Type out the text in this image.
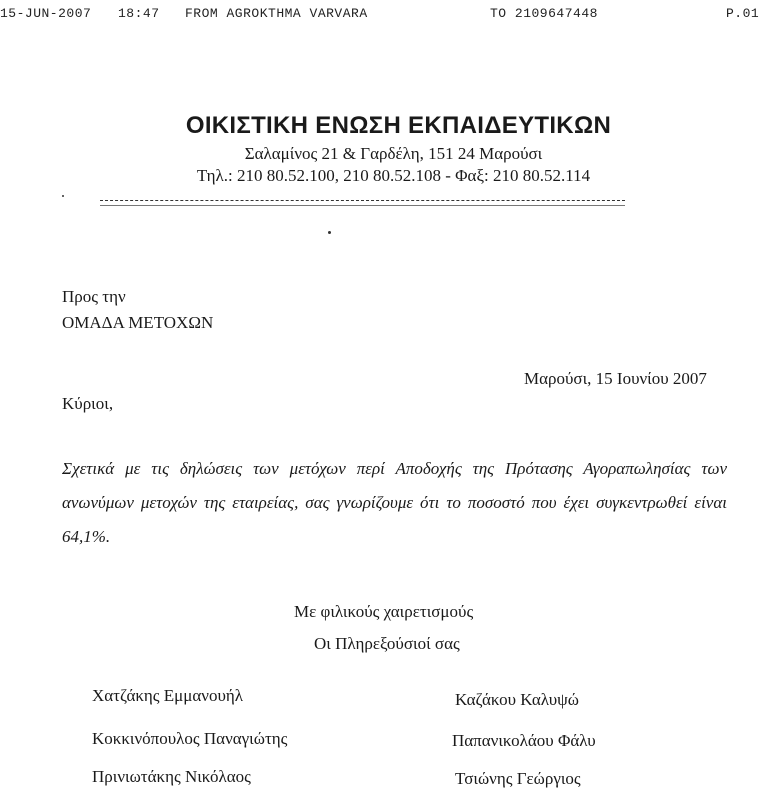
15-JUN-2007 18:47 FROM AGROKTHMA VARVARA	TO 2109647448	P.01
ΟΙΚΙΣΤΙΚΗ ΕΝΩΣΗ ΕΚΠΑΙΔΕΥΤΙΚΩΝ
Σαλαμίνος 21 & Γαρδέλη, 151 24 Μαρούσι
Τηλ.: 210 80.52.100, 210 80.52.108 - Φαξ: 210 80.52.114
Προς την
ΟΜΑΔΑ ΜΕΤΟΧΩΝ
Μαρούσι, 15 Ιουνίου 2007
Κύριοι,
Σχετικά με τις δηλώσεις των μετόχων περί Αποδοχής της Πρότασης Αγοραπωλησίας των ανωνύμων μετοχών της εταιρείας, σας γνωρίζουμε ότι το ποσοστό που έχει συγκεντρωθεί είναι 64,1%.
Με φιλικούς χαιρετισμούς
Οι Πληρεξούσιοί σας
Χατζάκης Εμμανουήλ
Κοκκινόπουλος Παναγιώτης
Πρινιωτάκης Νικόλαος
Καζάκου Καλυψώ
Παπανικολάου Φάλυ
Τσιώνης Γεώργιος
